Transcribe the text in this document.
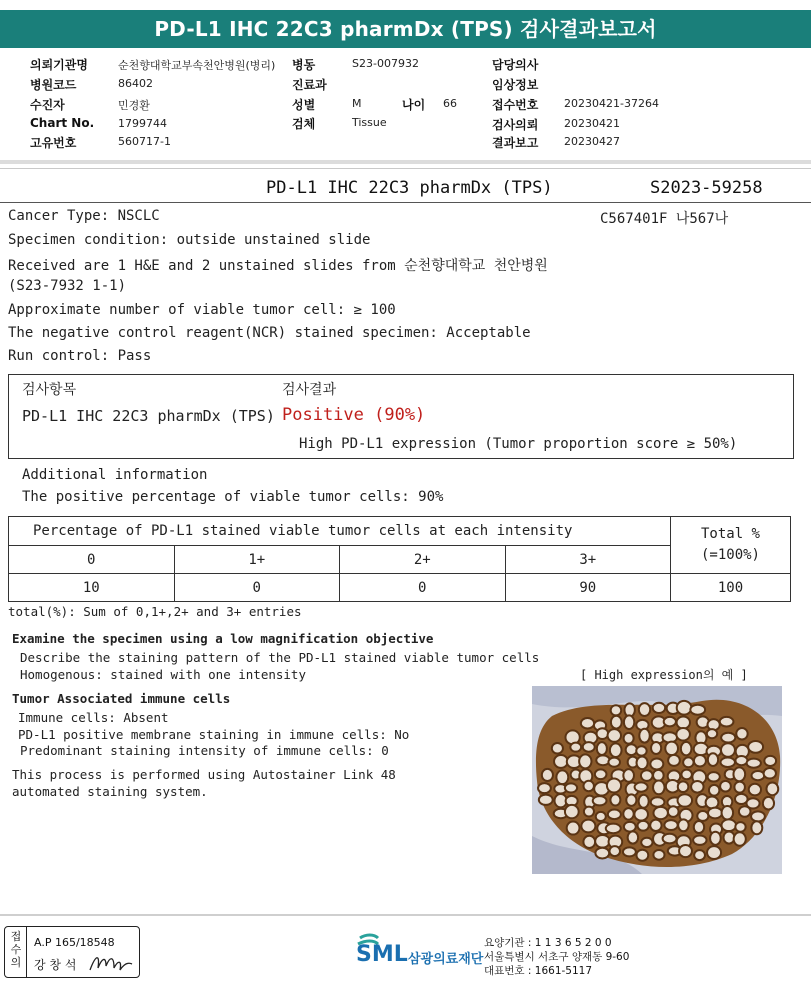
PD-L1 IHC 22C3 pharmDx (TPS) 검사결과보고서
의뢰기관명	순천향대학교부속천안병원(병리) 병동	S23-007932	담당의사
병원코드	86402	진료과	임상정보
수진자	민경환	성별	M	나이 66	접수번호 20230421-37264
Chart No. 1799744	검체	Tissue	검사의뢰 20230421
고유번호	560717-1	결과보고 20230427
PD-L1 IHC 22C3 pharmDx (TPS)	S2023-59258
Cancer Type: NSCLC	C567401F 나567나
Specimen condition: outside unstained slide
Received are 1 H&E and 2 unstained slides from 순천향대학교 천안병원
(S23-7932 1-1)
Approximate number of viable tumor cell: ≥ 100
The negative control reagent(NCR) stained specimen: Acceptable
Run control: Pass
검사항목	검사결과
PD-L1 IHC 22C3 pharmDx (TPS) Positive (90%)
High PD-L1 expression (Tumor proportion score ≥ 50%)
Additional information
The positive percentage of viable tumor cells: 90%
Percentage of PD-L1 stained viable tumor cells at each intensity				Total %
(=100%)

0	1+	2+	3+	
10	0	0	90	100
total(%): Sum of 0,1+,2+ and 3+ entries
Examine the specimen using a low magnification objective
Describe the staining pattern of the PD-L1 stained viable tumor cells
Homogenous: stained with one intensity
Tumor Associated immune cells
Immune cells: Absent
PD-L1 positive membrane staining in immune cells: No
Predominant staining intensity of immune cells: 0
This process is performed using Autostainer Link 48
automated staining system.
[ High expression의 예 ]
접수의
A.P 165/18548
강 창 석	SML 삼광의료재단
요양기관 : 1 1 3 6 5 2 0 0
서울특별시 서초구 양재동 9-60
대표번호 : 1661-5117
